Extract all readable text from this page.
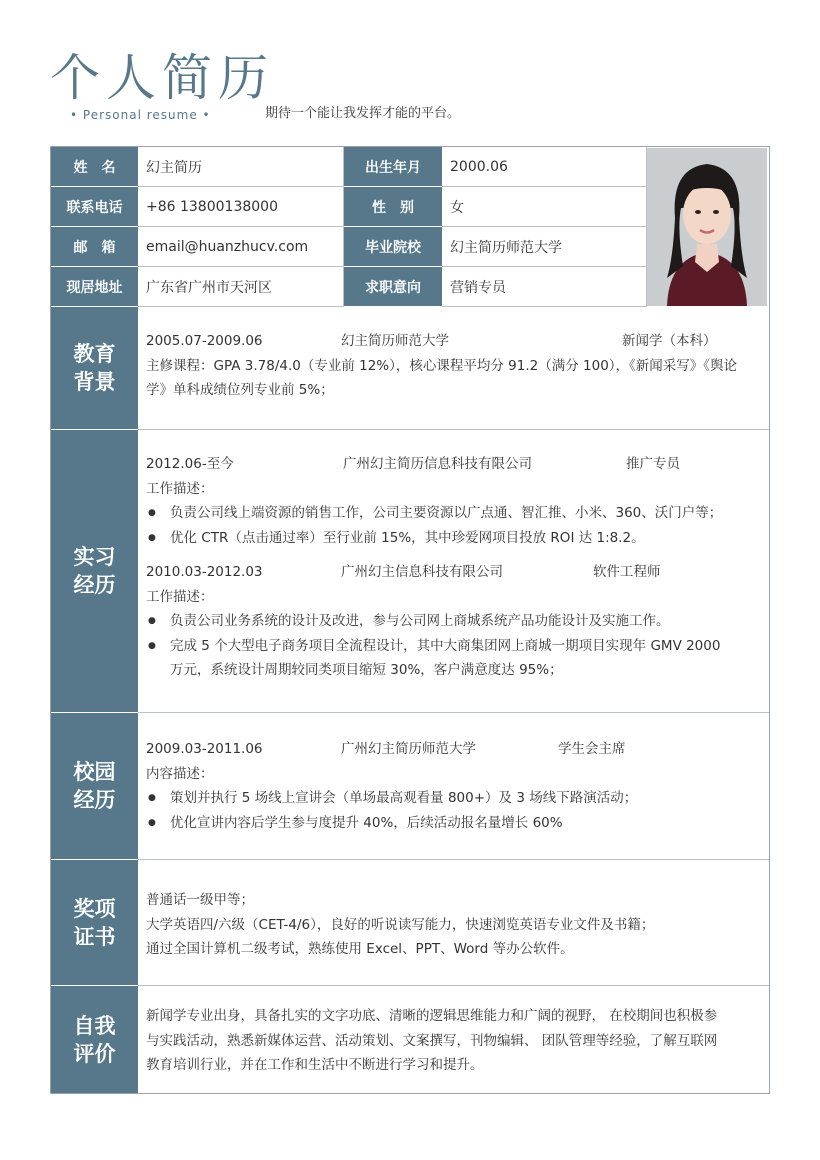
个人简历
• Personal resume •	期待一个能让我发挥才能的平台。
姓　名	幻主简历	出生年月	2000.06
联系电话	+86 13800138000	性　别	女
邮　箱	email@huanzhucv.com	毕业院校	幻主简历师范大学
现居地址	广东省广州市天河区	求职意向	营销专员
教育
背景
2005.07-2009.06	幻主简历师范大学	新闻学（本科）
主修课程：GPA 3.78/4.0（专业前 12%），核心课程平均分 91.2（满分 100），《新闻采写》《舆论
学》单科成绩位列专业前 5%；
实习
经历
2012.06-至今	广州幻主简历信息科技有限公司	推广专员
工作描述：
● 负责公司线上端资源的销售工作，公司主要资源以广点通、智汇推、小米、360、沃门户等；
● 优化 CTR（点击通过率）至行业前 15%，其中珍爱网项目投放 ROI 达 1:8.2。
2010.03-2012.03	广州幻主信息科技有限公司	软件工程师
工作描述：
● 负责公司业务系统的设计及改进，参与公司网上商城系统产品功能设计及实施工作。
● 完成 5 个大型电子商务项目全流程设计，其中大商集团网上商城一期项目实现年 GMV 2000
万元，系统设计周期较同类项目缩短 30%，客户满意度达 95%；
校园
经历
2009.03-2011.06	广州幻主简历师范大学	学生会主席
内容描述：
● 策划并执行 5 场线上宣讲会（单场最高观看量 800+）及 3 场线下路演活动；
● 优化宣讲内容后学生参与度提升 40%，后续活动报名量增长 60%
奖项
证书
普通话一级甲等；
大学英语四/六级（CET-4/6），良好的听说读写能力，快速浏览英语专业文件及书籍；
通过全国计算机二级考试，熟练使用 Excel、PPT、Word 等办公软件。
自我
评价
新闻学专业出身，具备扎实的文字功底、清晰的逻辑思维能力和广阔的视野， 在校期间也积极参
与实践活动，熟悉新媒体运营、活动策划、文案撰写，刊物编辑、 团队管理等经验，了解互联网
教育培训行业，并在工作和生活中不断进行学习和提升。
